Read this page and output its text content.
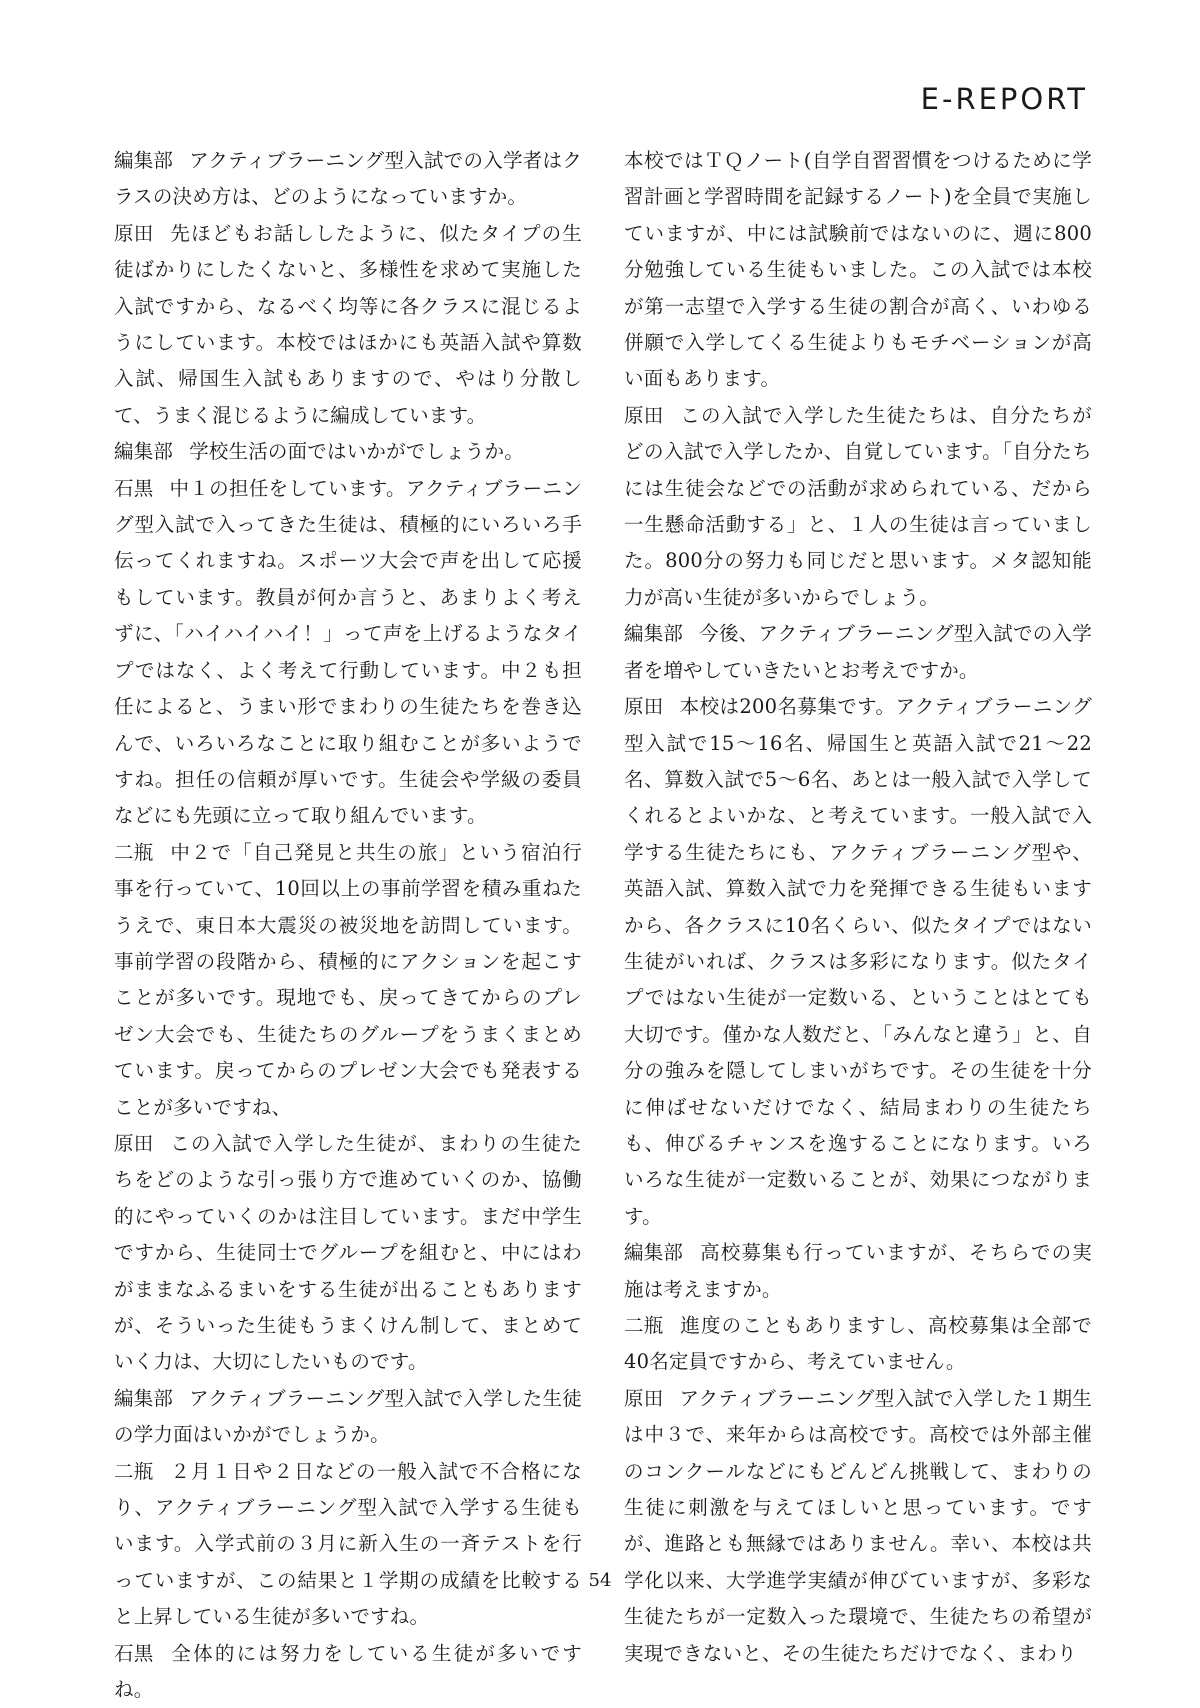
E-REPORT

編集部 アクティブラーニング型入試での入学者はクラスの決め方は、どのようになっていますか。

原田 先ほどもお話ししたように、似たタイプの生徒ばかりにしたくないと、多様性を求めて実施した入試ですから、なるべく均等に各クラスに混じるようにしています。本校ではほかにも英語入試や算数入試、帰国生入試もありますので、やはり分散して、うまく混じるように編成しています。

編集部 学校生活の面ではいかがでしょうか。

石黒 中１の担任をしています。アクティブラーニング型入試で入ってきた生徒は、積極的にいろいろ手伝ってくれますね。スポーツ大会で声を出して応援もしています。教員が何か言うと、あまりよく考えずに、「ハイハイハイ！」って声を上げるようなタイプではなく、よく考えて行動しています。中２も担任によると、うまい形でまわりの生徒たちを巻き込んで、いろいろなことに取り組むことが多いようですね。担任の信頼が厚いです。生徒会や学級の委員などにも先頭に立って取り組んでいます。

二瓶 中２で「自己発見と共生の旅」という宿泊行事を行っていて、10回以上の事前学習を積み重ねたうえで、東日本大震災の被災地を訪問しています。事前学習の段階から、積極的にアクションを起こすことが多いです。現地でも、戻ってきてからのプレゼン大会でも、生徒たちのグループをうまくまとめています。戻ってからのプレゼン大会でも発表することが多いですね、

原田 この入試で入学した生徒が、まわりの生徒たちをどのような引っ張り方で進めていくのか、協働的にやっていくのかは注目しています。まだ中学生ですから、生徒同士でグループを組むと、中にはわがままなふるまいをする生徒が出ることもありますが、そういった生徒もうまくけん制して、まとめていく力は、大切にしたいものです。

編集部 アクティブラーニング型入試で入学した生徒の学力面はいかがでしょうか。

二瓶 ２月１日や２日などの一般入試で不合格になり、アクティブラーニング型入試で入学する生徒もいます。入学式前の３月に新入生の一斉テストを行っていますが、この結果と１学期の成績を比較すると上昇している生徒が多いですね。

石黒 全体的には努力をしている生徒が多いですね。

本校ではＴＱノート(自学自習習慣をつけるために学習計画と学習時間を記録するノート)を全員で実施していますが、中には試験前ではないのに、週に800分勉強している生徒もいました。この入試では本校が第一志望で入学する生徒の割合が高く、いわゆる併願で入学してくる生徒よりもモチベーションが高い面もあります。

原田 この入試で入学した生徒たちは、自分たちがどの入試で入学したか、自覚しています。「自分たちには生徒会などでの活動が求められている、だから一生懸命活動する」と、１人の生徒は言っていました。800分の努力も同じだと思います。メタ認知能力が高い生徒が多いからでしょう。

編集部 今後、アクティブラーニング型入試での入学者を増やしていきたいとお考えですか。

原田 本校は200名募集です。アクティブラーニング型入試で15～16名、帰国生と英語入試で21～22名、算数入試で5～6名、あとは一般入試で入学してくれるとよいかな、と考えています。一般入試で入学する生徒たちにも、アクティブラーニング型や、英語入試、算数入試で力を発揮できる生徒もいますから、各クラスに10名くらい、似たタイプではない生徒がいれば、クラスは多彩になります。似たタイプではない生徒が一定数いる、ということはとても大切です。僅かな人数だと、「みんなと違う」と、自分の強みを隠してしまいがちです。その生徒を十分に伸ばせないだけでなく、結局まわりの生徒たちも、伸びるチャンスを逸することになります。いろいろな生徒が一定数いることが、効果につながります。

編集部 高校募集も行っていますが、そちらでの実施は考えますか。

二瓶 進度のこともありますし、高校募集は全部で40名定員ですから、考えていません。

原田 アクティブラーニング型入試で入学した１期生は中３で、来年からは高校です。高校では外部主催のコンクールなどにもどんどん挑戦して、まわりの生徒に刺激を与えてほしいと思っています。ですが、進路とも無縁ではありません。幸い、本校は共学化以来、大学進学実績が伸びていますが、多彩な生徒たちが一定数入った環境で、生徒たちの希望が実現できないと、その生徒たちだけでなく、まわり

54
